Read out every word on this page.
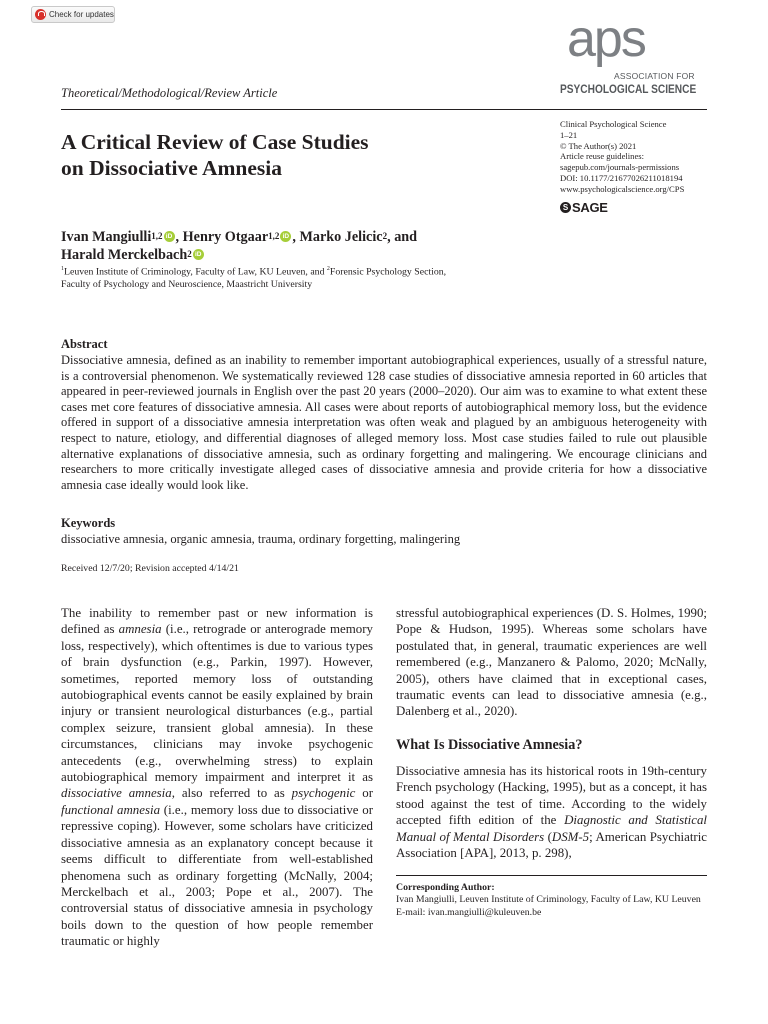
Check for updates	aps
ASSOCIATION FOR
PSYCHOLOGICAL SCIENCE
Theoretical/Methodological/Review Article
A Critical Review of Case Studies
on Dissociative Amnesia
Clinical Psychological Science
1–21
© The Author(s) 2021
Article reuse guidelines:
sagepub.com/journals-permissions
DOI: 10.1177/21677026211018194
www.psychologicalscience.org/CPS
S SAGE
Ivan Mangiulli$^{1,2}$ iD , Henry Otgaar$^{1,2}$ iD , Marko Jelicic$^2$, and
Harald Merckelbach$^2$ iD
$^1$Leuven Institute of Criminology, Faculty of Law, KU Leuven, and $^2$Forensic Psychology Section,
Faculty of Psychology and Neuroscience, Maastricht University
Abstract
Dissociative amnesia, defined as an inability to remember important autobiographical experiences, usually of a stressful nature, is a controversial phenomenon. We systematically reviewed 128 case studies of dissociative amnesia reported in 60 articles that appeared in peer-reviewed journals in English over the past 20 years (2000–2020). Our aim was to examine to what extent these cases met core features of dissociative amnesia. All cases were about reports of autobiographical memory loss, but the evidence offered in support of a dissociative amnesia interpretation was often weak and plagued by an ambiguous heterogeneity with respect to nature, etiology, and differential diagnoses of alleged memory loss. Most case studies failed to rule out plausible alternative explanations of dissociative amnesia, such as ordinary forgetting and malingering. We encourage clinicians and researchers to more critically investigate alleged cases of dissociative amnesia and provide criteria for how a dissociative amnesia case ideally would look like.
Keywords
dissociative amnesia, organic amnesia, trauma, ordinary forgetting, malingering
Received 12/7/20; Revision accepted 4/14/21
The inability to remember past or new information is defined as amnesia (i.e., retrograde or anterograde memory loss, respectively), which oftentimes is due to various types of brain dysfunction (e.g., Parkin, 1997). However, sometimes, reported memory loss of outstanding autobiographical events cannot be easily explained by brain injury or transient neurological disturbances (e.g., partial complex seizure, transient global amnesia). In these circumstances, clinicians may invoke psychogenic antecedents (e.g., overwhelming stress) to explain autobiographical memory impairment and interpret it as dissociative amnesia, also referred to as psychogenic or functional amnesia (i.e., memory loss due to dissociative or repressive coping). However, some scholars have criticized dissociative amnesia as an explanatory concept because it seems difficult to differentiate from well-established phenomena such as ordinary forgetting (McNally, 2004; Merckelbach et al., 2003; Pope et al., 2007). The controversial status of dissociative amnesia in psychology boils down to the question of how people remember traumatic or highly
stressful autobiographical experiences (D. S. Holmes, 1990; Pope & Hudson, 1995). Whereas some scholars have postulated that, in general, traumatic experiences are well remembered (e.g., Manzanero & Palomo, 2020; McNally, 2005), others have claimed that in exceptional cases, traumatic events can lead to dissociative amnesia (e.g., Dalenberg et al., 2020).
What Is Dissociative Amnesia?
Dissociative amnesia has its historical roots in 19th-century French psychology (Hacking, 1995), but as a concept, it has stood against the test of time. According to the widely accepted fifth edition of the Diagnostic and Statistical Manual of Mental Disorders (DSM-5; American Psychiatric Association [APA], 2013, p. 298),
Corresponding Author:
Ivan Mangiulli, Leuven Institute of Criminology, Faculty of Law, KU Leuven
E-mail: ivan.mangiulli@kuleuven.be
